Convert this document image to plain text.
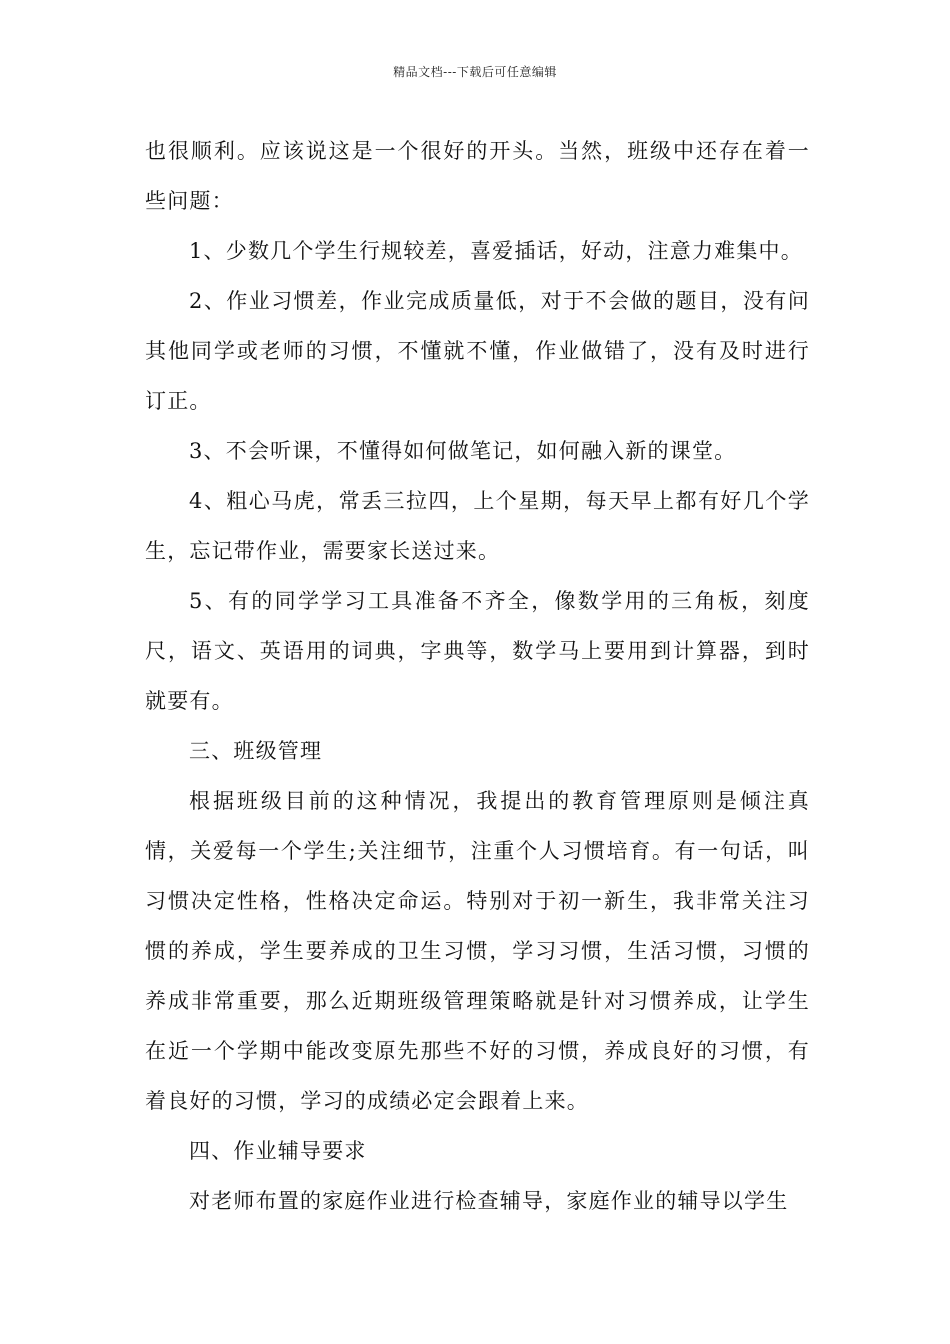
精品文档---下载后可任意编辑

也很顺利。应该说这是一个很好的开头。当然，班级中还存在着一些问题：

1、少数几个学生行规较差，喜爱插话，好动，注意力难集中。

2、作业习惯差，作业完成质量低，对于不会做的题目，没有问其他同学或老师的习惯，不懂就不懂，作业做错了，没有及时进行订正。

3、不会听课，不懂得如何做笔记，如何融入新的课堂。

4、粗心马虎，常丢三拉四，上个星期，每天早上都有好几个学生，忘记带作业，需要家长送过来。

5、有的同学学习工具准备不齐全，像数学用的三角板，刻度尺，语文、英语用的词典，字典等，数学马上要用到计算器，到时就要有。

三、班级管理

根据班级目前的这种情况，我提出的教育管理原则是倾注真情，关爱每一个学生;关注细节，注重个人习惯培育。有一句话，叫习惯决定性格，性格决定命运。特别对于初一新生，我非常关注习惯的养成，学生要养成的卫生习惯，学习习惯，生活习惯，习惯的养成非常重要，那么近期班级管理策略就是针对习惯养成，让学生在近一个学期中能改变原先那些不好的习惯，养成良好的习惯，有着良好的习惯，学习的成绩必定会跟着上来。

四、作业辅导要求

对老师布置的家庭作业进行检查辅导，家庭作业的辅导以学生
